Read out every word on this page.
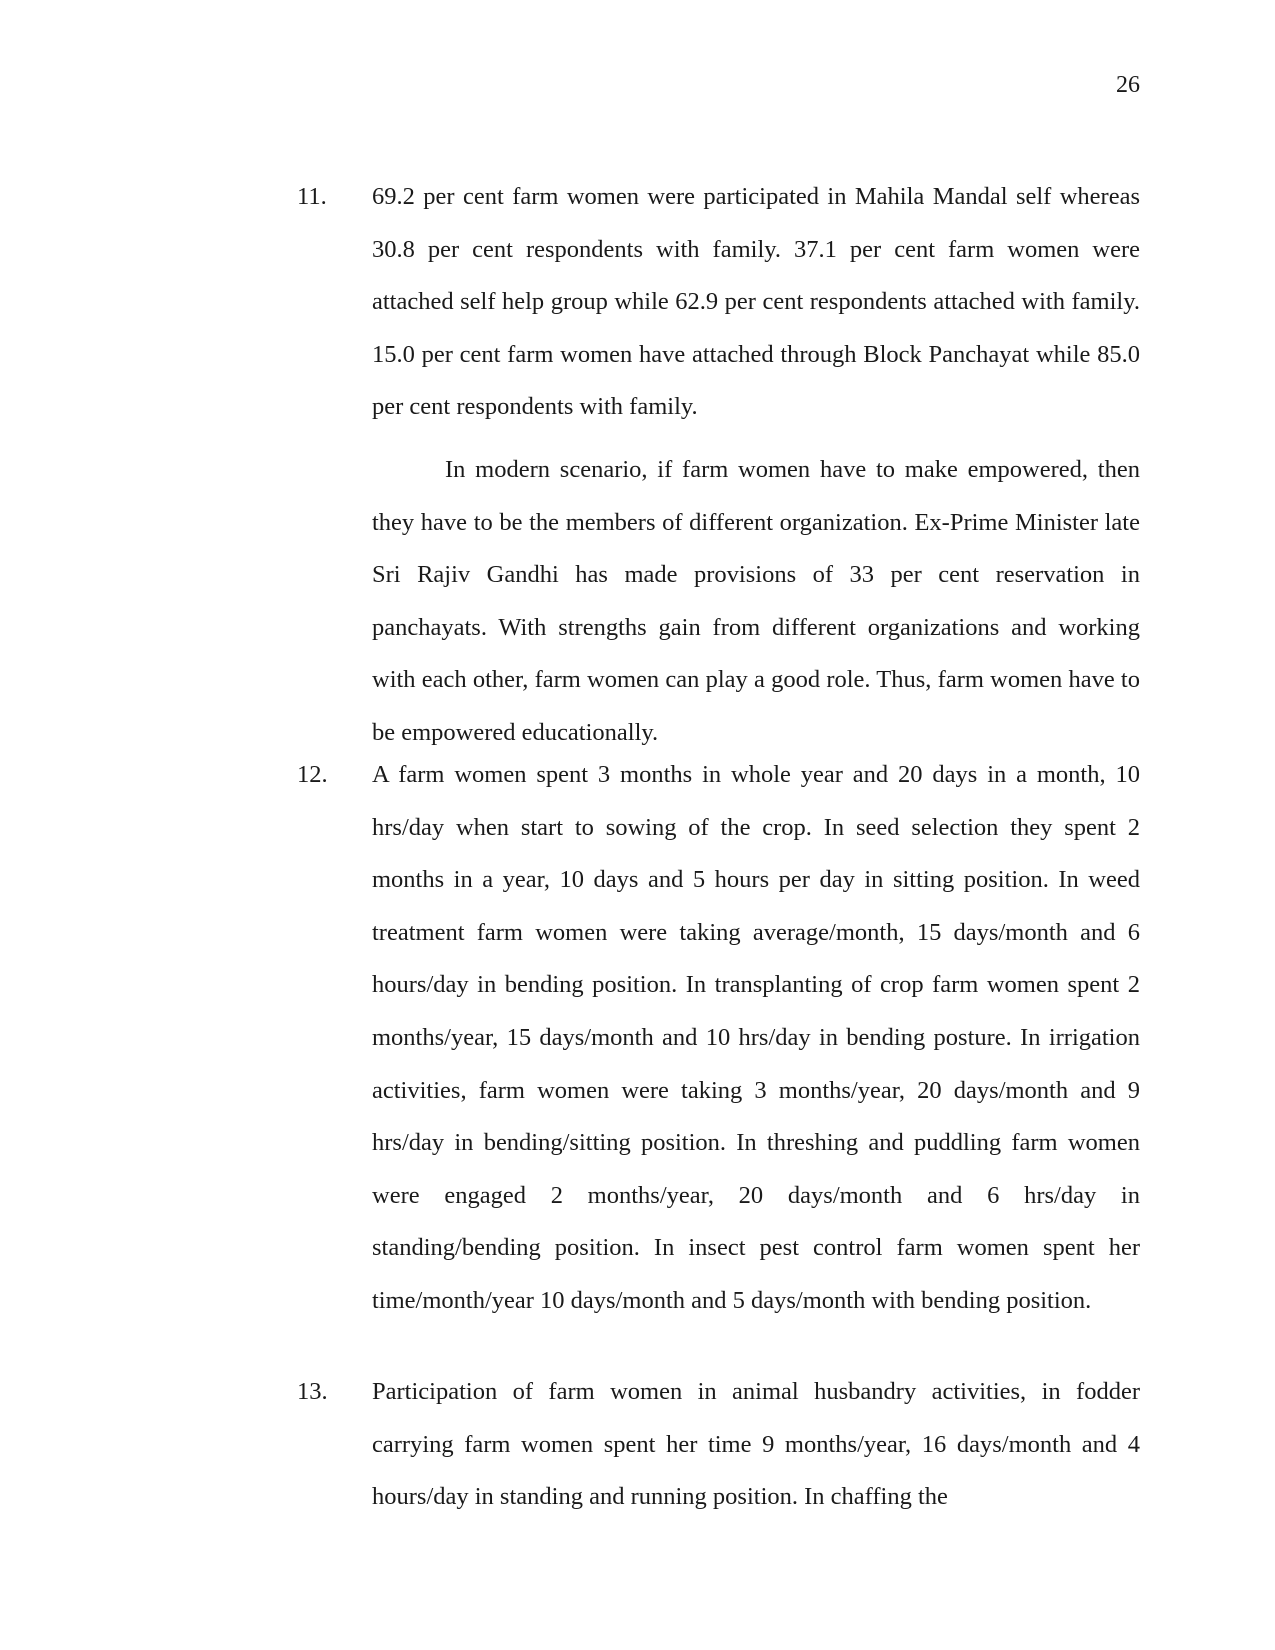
26
11. 69.2 per cent farm women were participated in Mahila Mandal self whereas 30.8 per cent respondents with family. 37.1 per cent farm women were attached self help group while 62.9 per cent respondents attached with family. 15.0 per cent farm women have attached through Block Panchayat while 85.0 per cent respondents with family.

In modern scenario, if farm women have to make empowered, then they have to be the members of different organization. Ex-Prime Minister late Sri Rajiv Gandhi has made provisions of 33 per cent reservation in panchayats. With strengths gain from different organizations and working with each other, farm women can play a good role. Thus, farm women have to be empowered educationally.

12. A farm women spent 3 months in whole year and 20 days in a month, 10 hrs/day when start to sowing of the crop. In seed selection they spent 2 months in a year, 10 days and 5 hours per day in sitting position. In weed treatment farm women were taking average/month, 15 days/month and 6 hours/day in bending position. In transplanting of crop farm women spent 2 months/year, 15 days/month and 10 hrs/day in bending posture. In irrigation activities, farm women were taking 3 months/year, 20 days/month and 9 hrs/day in bending/sitting position. In threshing and puddling farm women were engaged 2 months/year, 20 days/month and 6 hrs/day in standing/bending position. In insect pest control farm women spent her time/month/year 10 days/month and 5 days/month with bending position.

13. Participation of farm women in animal husbandry activities, in fodder carrying farm women spent her time 9 months/year, 16 days/month and 4 hours/day in standing and running position. In chaffing the
